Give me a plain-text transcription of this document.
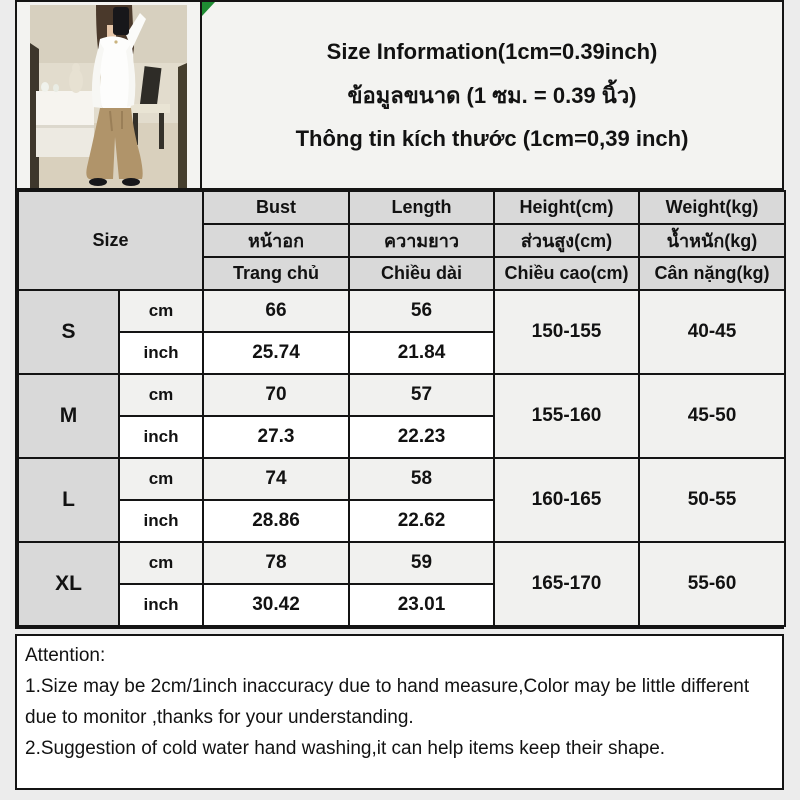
Size Information(1cm=0.39inch)
ข้อมูลขนาด (1 ซม. = 0.39 นิ้ว)
Thông tin kích thước (1cm=0,39 inch)
Size		Bust	Length	Height(cm)	Weight(kg)
		หน้าอก	ความยาว	ส่วนสูง(cm)	น้ำหนัก(kg)
		Trang chủ	Chiều dài	Chiều cao(cm)	Cân nặng(kg)
S	cm	66	56	150-155	40-45
	inch	25.74	21.84		
M	cm	70	57	155-160	45-50
	inch	27.3	22.23		
L	cm	74	58	160-165	50-55
	inch	28.86	22.62		
XL	cm	78	59	165-170	55-60
	inch	30.42	23.01		

Attention:

1.Size may be 2cm/1inch inaccuracy due to hand measure,Color may be little different due to monitor ,thanks for your understanding.

2.Suggestion of cold water hand washing,it can help items keep their shape.
